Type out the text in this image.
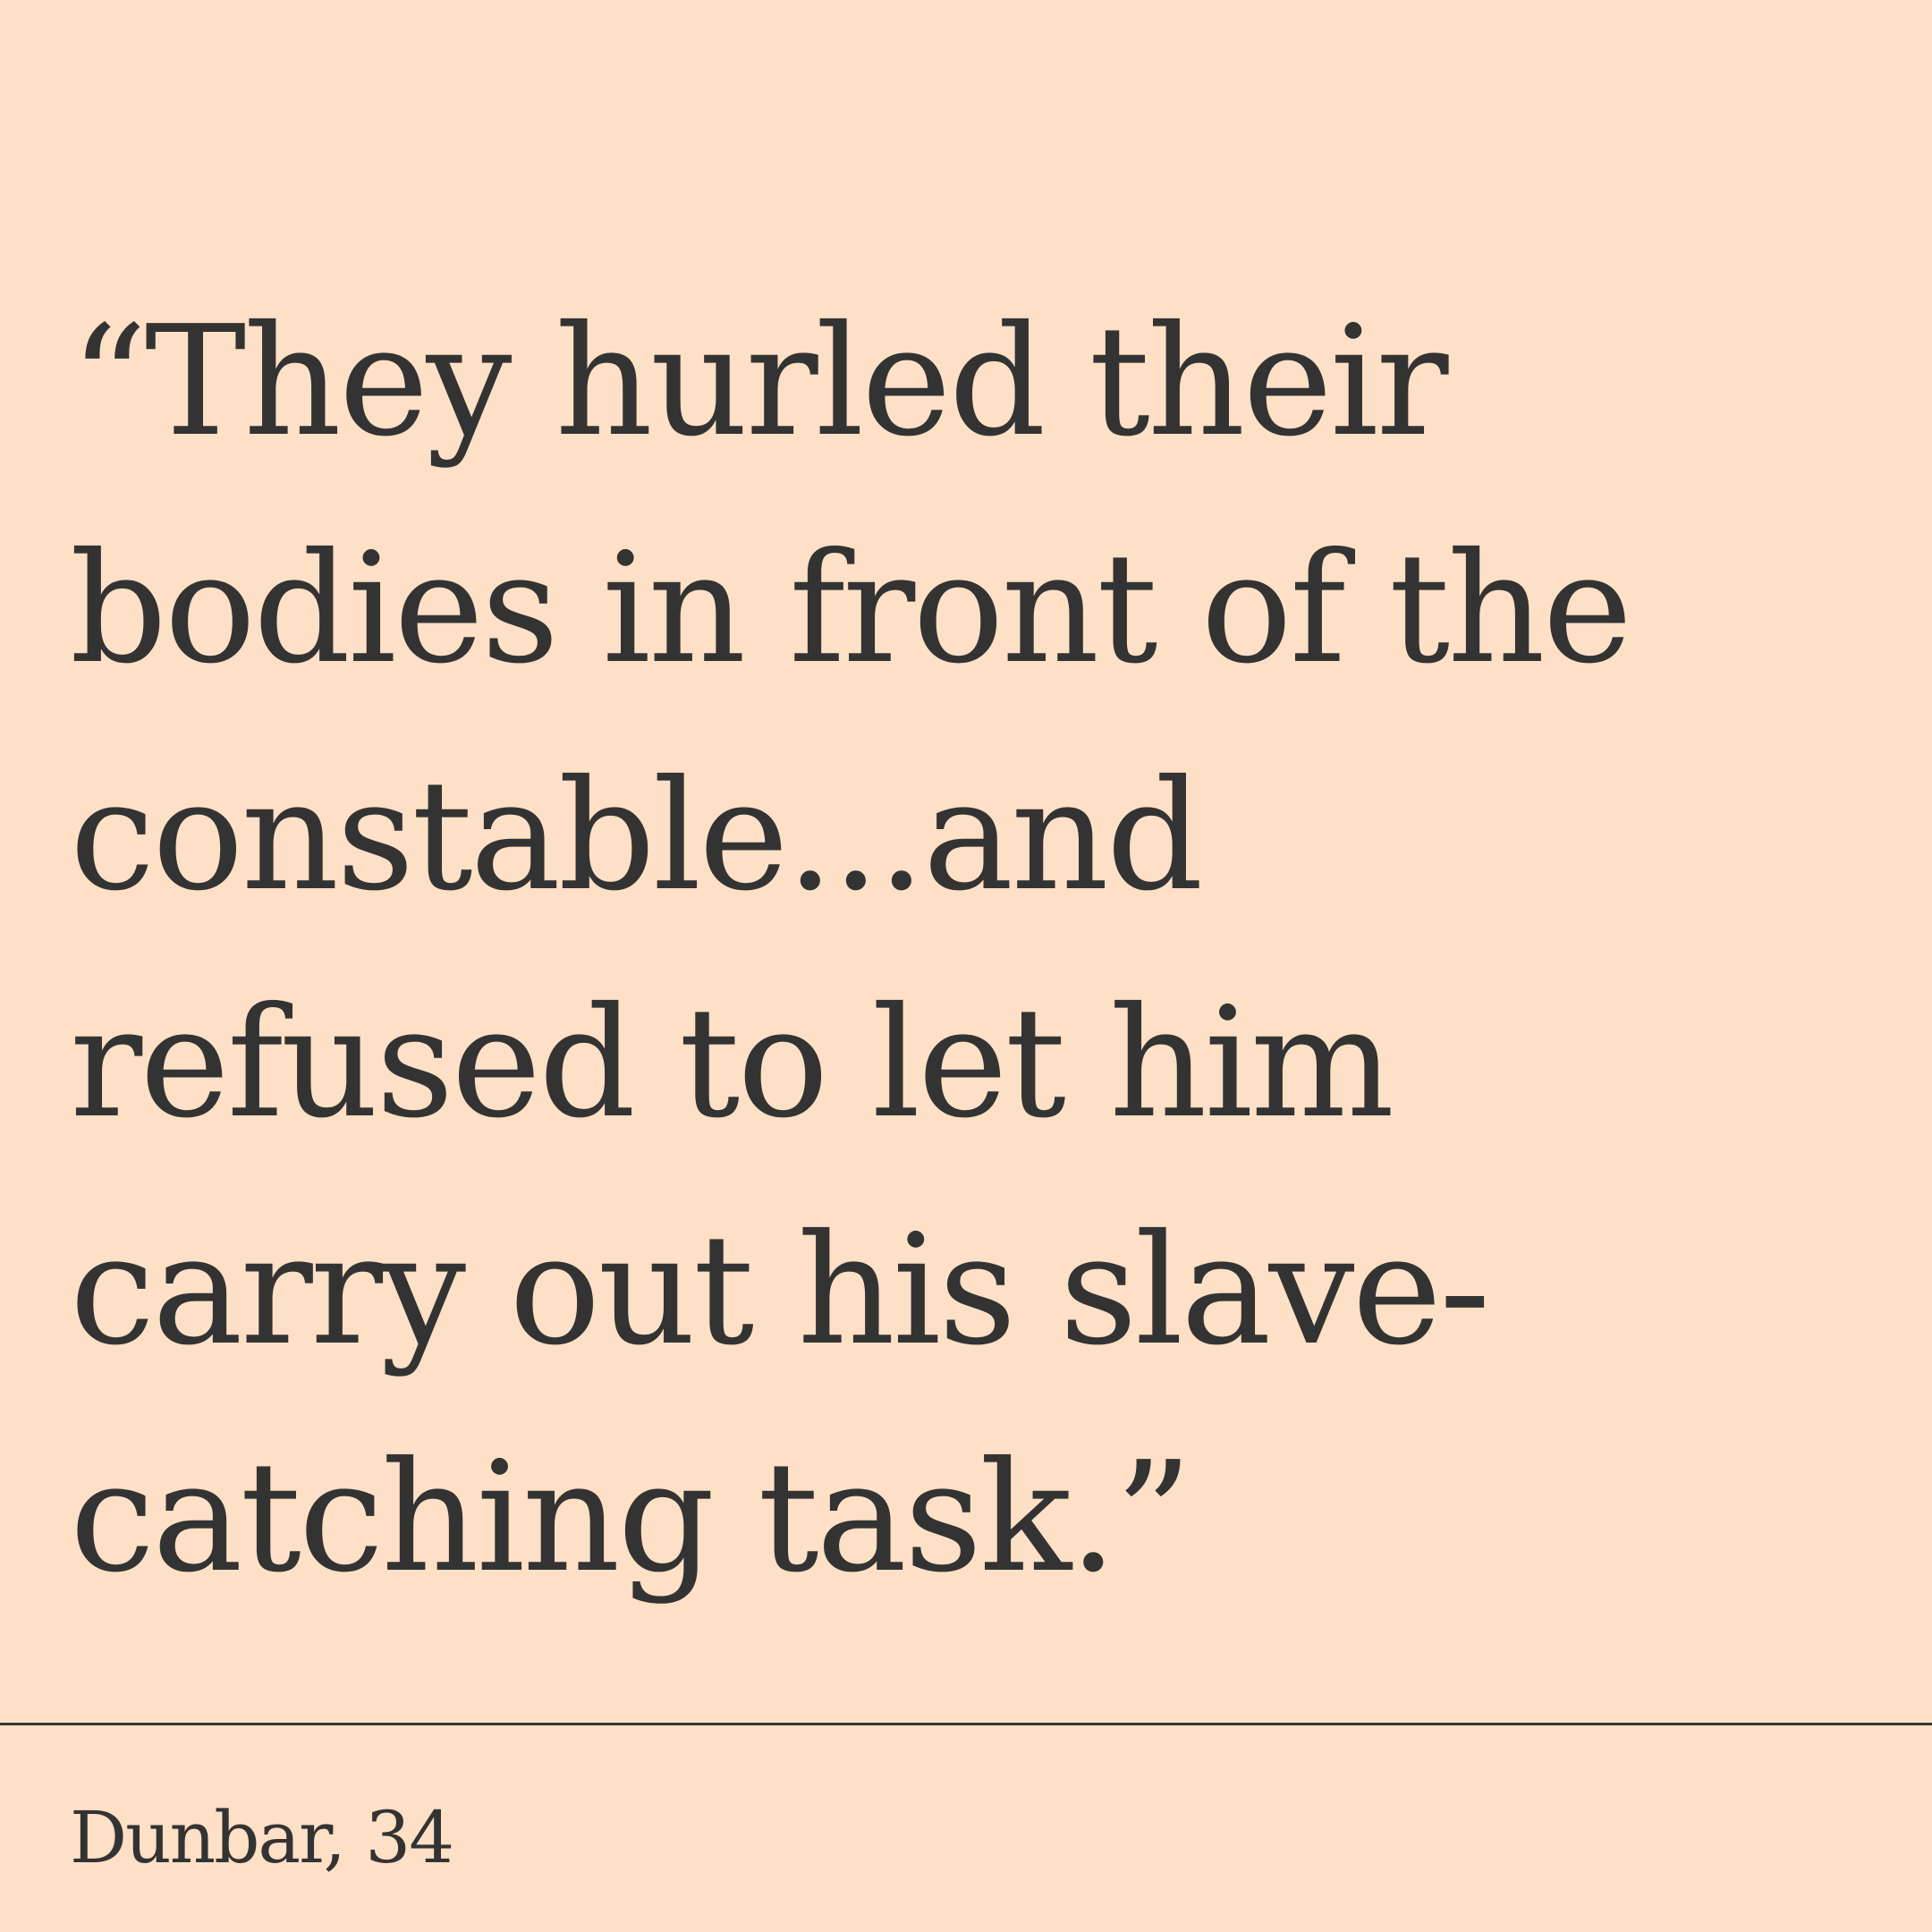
“They hurled their
bodies in front of the
constable...and
refused to let him
carry out his slave-
catching task.”

Dunbar, 34
